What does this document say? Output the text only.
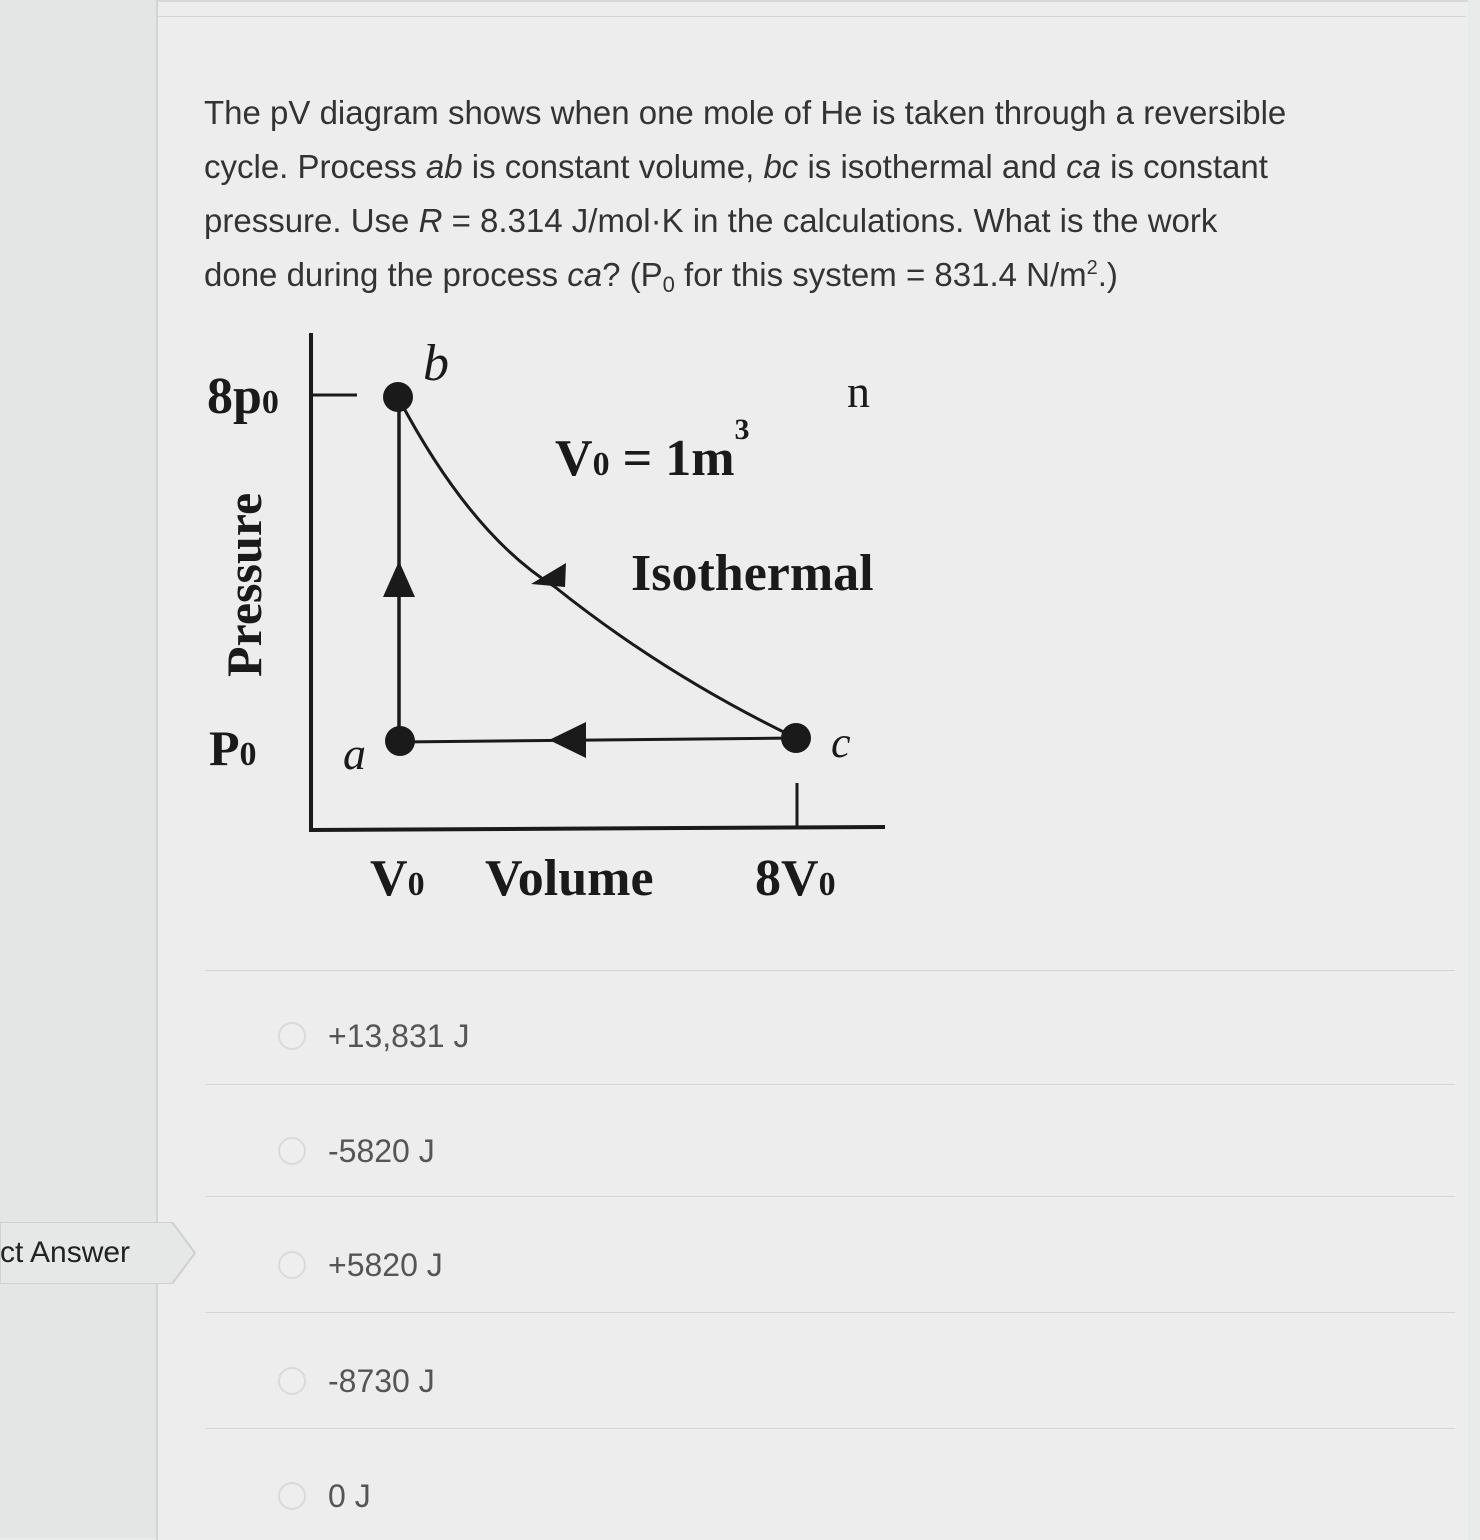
The pV diagram shows when one mole of He is taken through a reversible
cycle. Process ab is constant volume, bc is isothermal and ca is constant
pressure. Use R = 8.314 J/mol·K in the calculations. What is the work
done during the process ca? ($P_0$ for this system = 831.4 $N/m^2$.)
8p0
P0
Pressure
b
a	c
$V0 = 1m^3$
n
Isothermal
V0 Volume 8V0
+13,831 J
-5820 J
+5820 J
-8730 J
0 J
ct Answer
